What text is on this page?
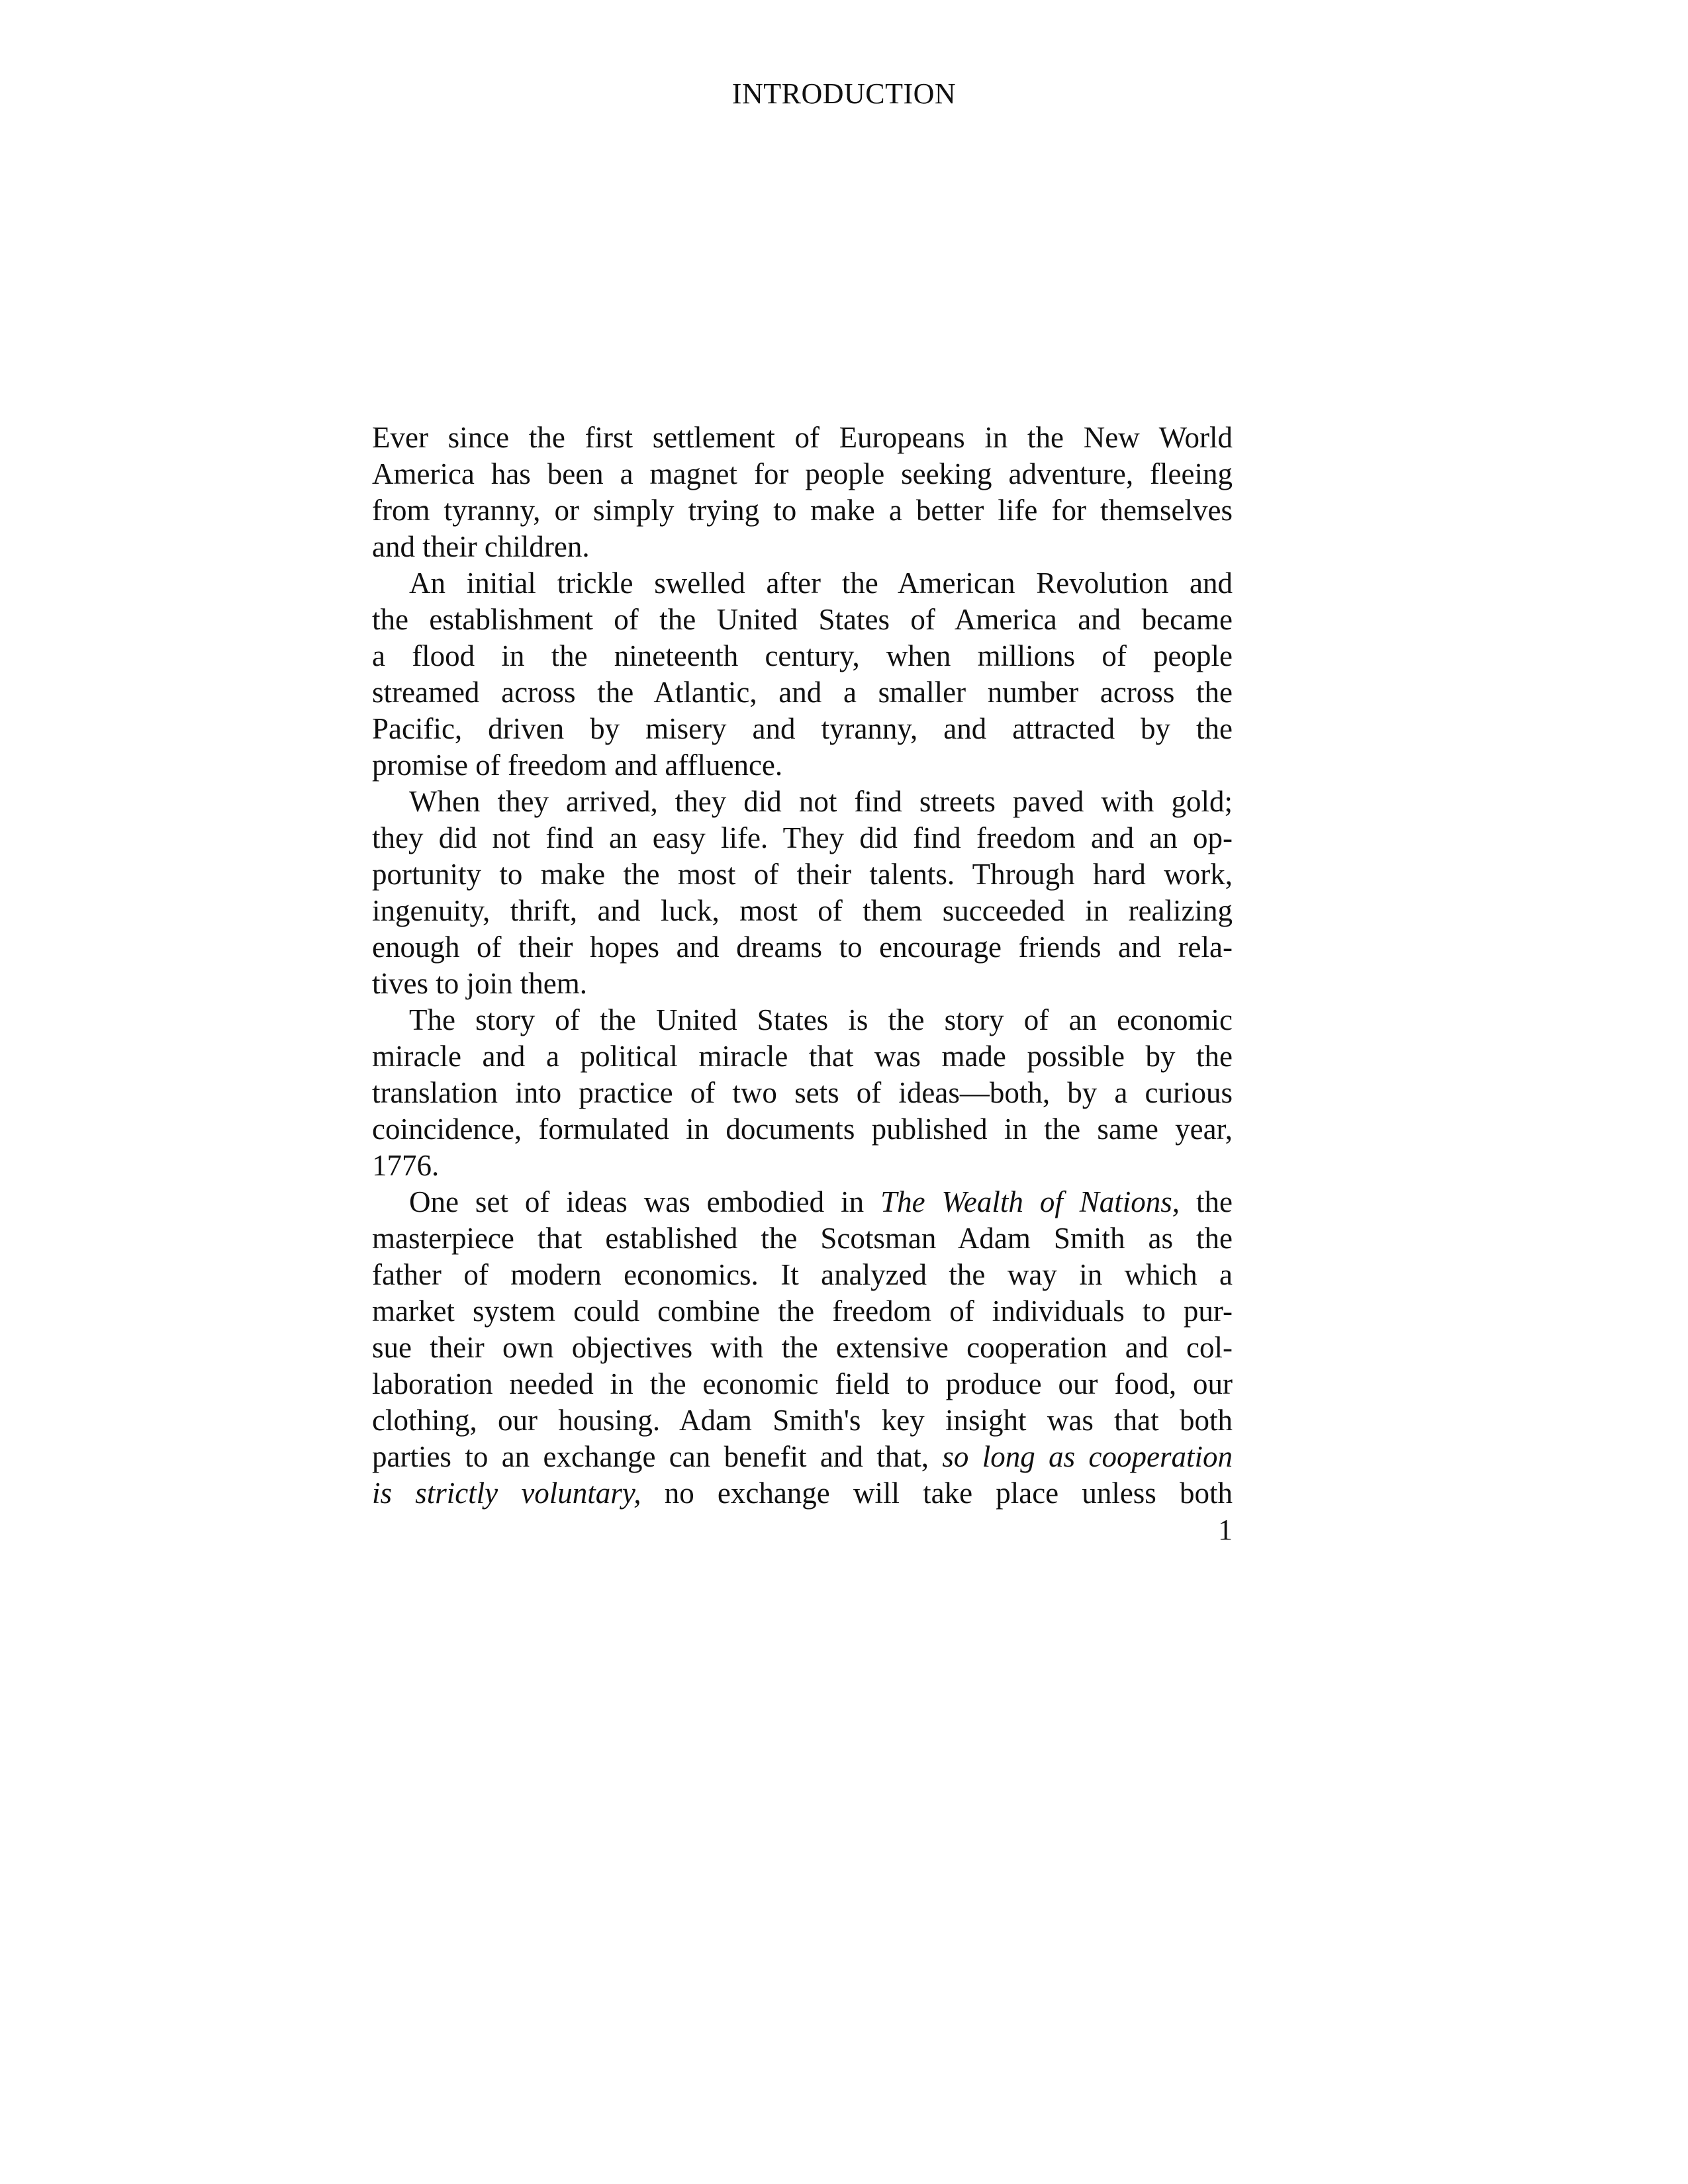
INTRODUCTION
Ever since the first settlement of Europeans in the New World
America has been a magnet for people seeking adventure, fleeing
from tyranny, or simply trying to make a better life for themselves
and their children.
An initial trickle swelled after the American Revolution and
the establishment of the United States of America and became
a flood in the nineteenth century, when millions of people
streamed across the Atlantic, and a smaller number across the
Pacific, driven by misery and tyranny, and attracted by the
promise of freedom and affluence.
When they arrived, they did not find streets paved with gold;
they did not find an easy life. They did find freedom and an op-
portunity to make the most of their talents. Through hard work,
ingenuity, thrift, and luck, most of them succeeded in realizing
enough of their hopes and dreams to encourage friends and rela-
tives to join them.
The story of the United States is the story of an economic
miracle and a political miracle that was made possible by the
translation into practice of two sets of ideas—both, by a curious
coincidence, formulated in documents published in the same year,
1776.
One set of ideas was embodied in The Wealth of Nations, the
masterpiece that established the Scotsman Adam Smith as the
father of modern economics. It analyzed the way in which a
market system could combine the freedom of individuals to pur-
sue their own objectives with the extensive cooperation and col-
laboration needed in the economic field to produce our food, our
clothing, our housing. Adam Smith's key insight was that both
parties to an exchange can benefit and that, so long as cooperation
is strictly voluntary, no exchange will take place unless both
1
